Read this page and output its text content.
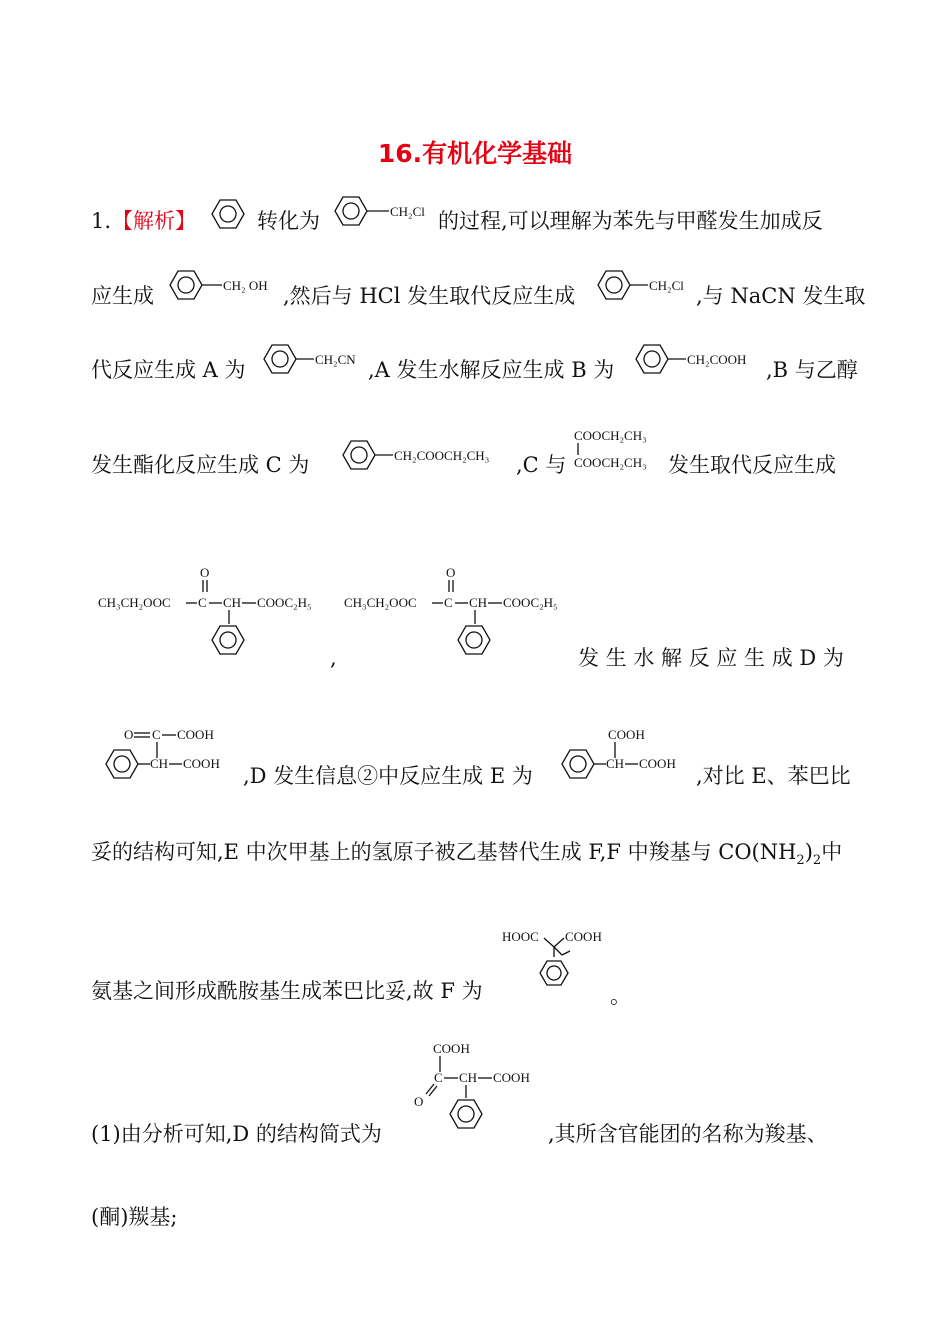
16.有机化学基础
1. 【解析】	转化为	CH₂Cl 的过程,可以理解为苯先与甲醛发生加成反
应生成	CH₂ OH ,然后与 HCl 发生取代反应生成	CH₂Cl ,与 NaCN 发生取
代反应生成 A 为	CH₂CN ,A 发生水解反应生成 B 为	CH₂COOH ,B 与乙醇
发生酯化反应生成 C 为	CH₂COOCH₂CH₃ ,C 与
COOCH₂CH₃
COOCH₂CH₃ 发生取代反应生成
CH₃CH₂OOC C
O
CH COOC₂H₅
,
CH₃CH₂OOC C
O
CH COOC₂H₅
发 生 水 解 反 应 生 成 D 为
O C COOH
CH COOH
,D 发生信息②中反应生成 E 为
COOH
CH COOH
,对比 E、苯巴比
妥的结构可知,E 中次甲基上的氢原子被乙基替代生成 F,F 中羧基与 $CO(NH_2)_2$中
氨基之间形成酰胺基生成苯巴比妥,故 F 为
HOOC COOH
。
COOH
C CH COOH
O
(1)由分析可知,D 的结构简式为	,其所含官能团的名称为羧基、
(酮)羰基;
